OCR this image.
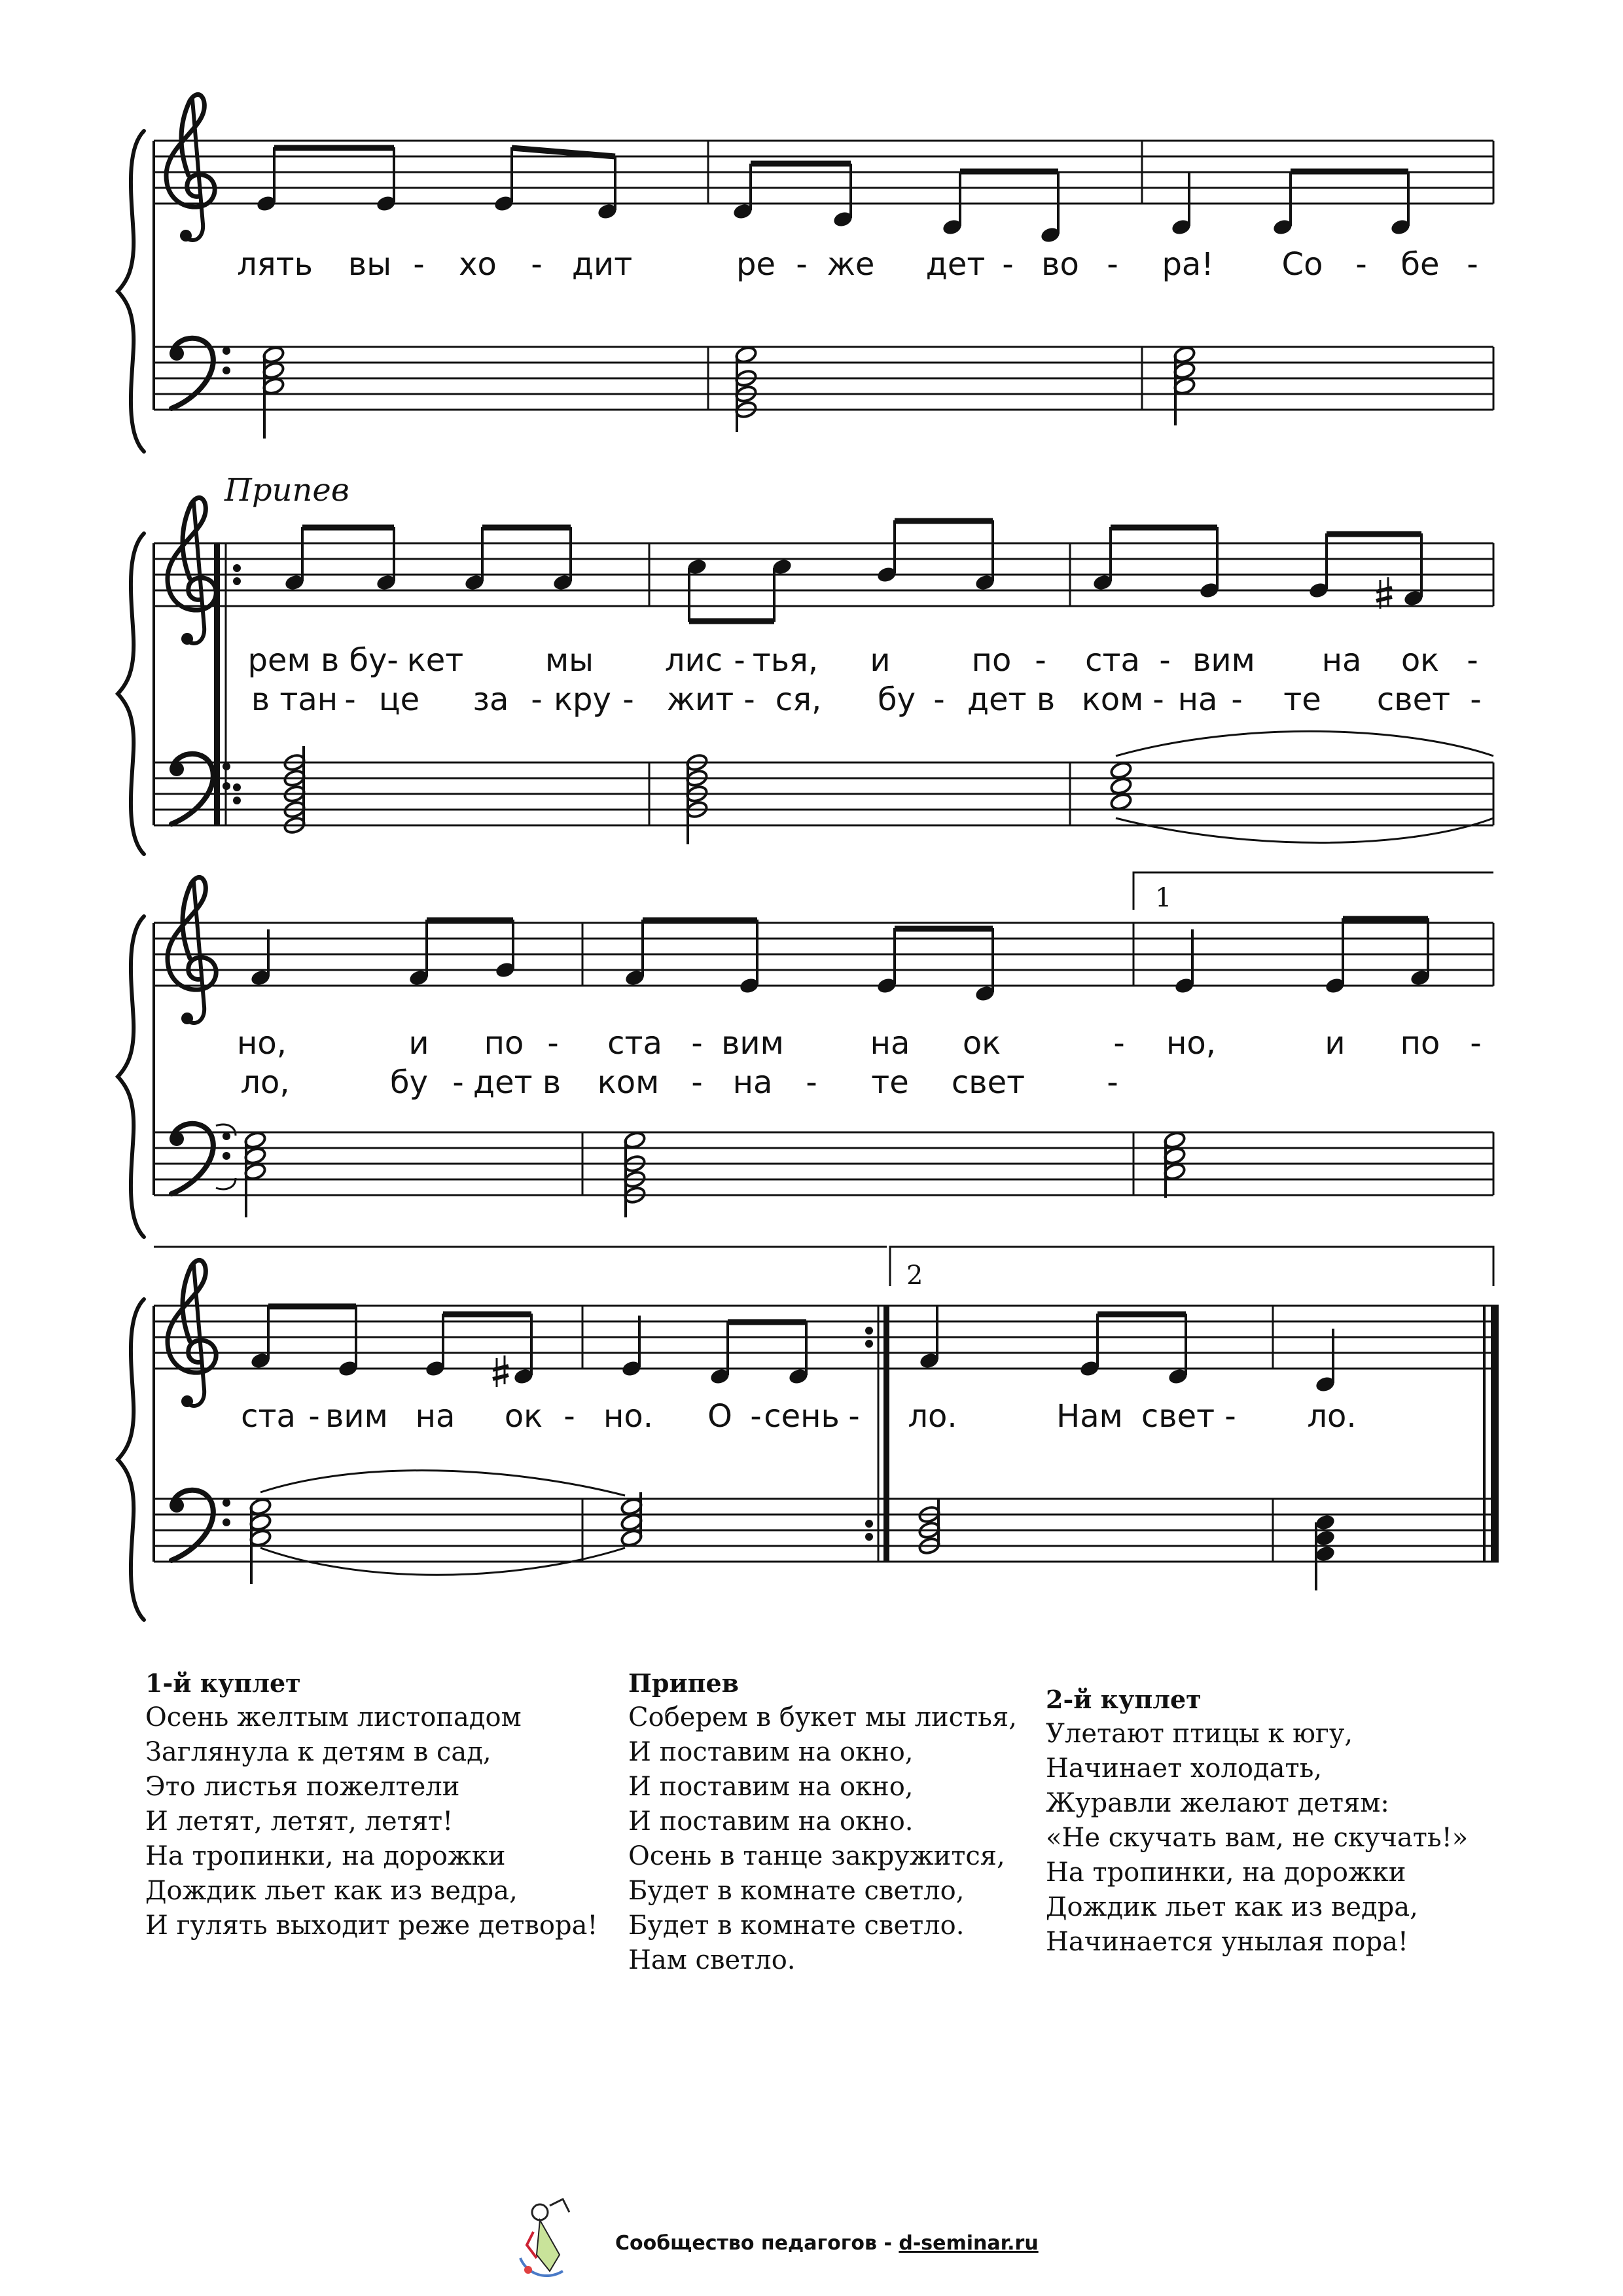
лять вы - хо - дит	ре - же дет - во - ра! Со - бе -
Припев
рем в бу - кет	мы лис - тья, и	по - ста - вим на ок -
в тан - це за - кру - жит - ся, бу - дет в ком - на - те свет -
1
но,	и по - ста - вим	на ок	- но,	и по -
ло,	бу - дет в ком - на - те свет	-
2
ста - вим на ок - но. О - сень - ло.	Нам свет - ло.
1-й куплет
Осень желтым листопадом
Заглянула к детям в сад,
Это листья пожелтели
И летят, летят, летят!
На тропинки, на дорожки
Дождик льет как из ведра,
И гулять выходит реже детвора!
Припев
Соберем в букет мы листья,
И поставим на окно,
И поставим на окно,
И поставим на окно.
Осень в танце закружится,
Будет в комнате светло,
Будет в комнате светло.
Нам светло.
2-й куплет
Улетают птицы к югу,
Начинает холодать,
Журавли желают детям:
«Не скучать вам, не скучать!»
На тропинки, на дорожки
Дождик льет как из ведра,
Начинается унылая пора!
Сообщество педагогов - d-seminar.ru
